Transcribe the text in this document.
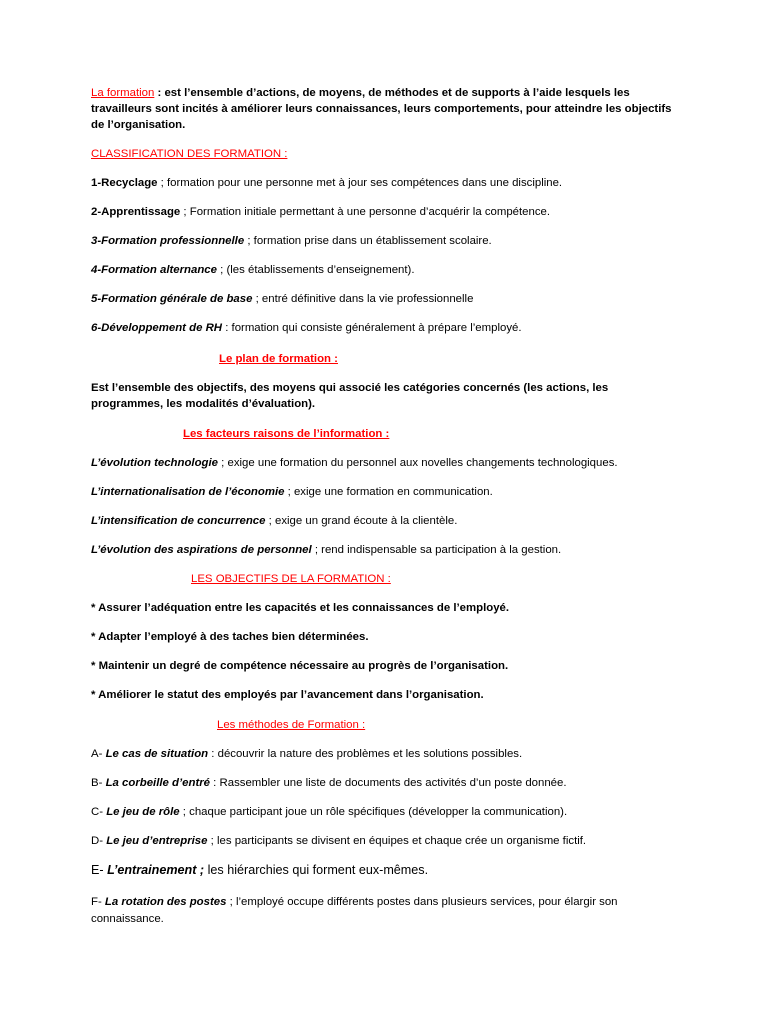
La formation : est l’ensemble d’actions, de moyens, de méthodes et de supports à l’aide lesquels les travailleurs sont incités à améliorer leurs connaissances, leurs comportements, pour atteindre les objectifs de l’organisation.

CLASSIFICATION DES FORMATION :

1-Recyclage ; formation pour une personne met à jour ses compétences dans une discipline.

2-Apprentissage ; Formation initiale permettant à une personne d’acquérir la compétence.

3-Formation professionnelle ; formation prise dans un établissement scolaire.

4-Formation alternance ; (les établissements d’enseignement).

5-Formation générale de base ; entré définitive dans la vie professionnelle

6-Développement de RH : formation qui consiste généralement à prépare l’employé.

Le plan de formation :

Est l’ensemble des objectifs, des moyens qui associé les catégories concernés (les actions, les programmes, les modalités d’évaluation).

Les facteurs raisons de l’information :

L’évolution technologie ; exige une formation du personnel aux novelles changements technologiques.

L’internationalisation de l’économie ; exige une formation en communication.

L’intensification de concurrence ; exige un grand écoute à la clientèle.

L’évolution des aspirations de personnel ; rend indispensable sa participation à la gestion.

LES OBJECTIFS DE LA FORMATION :

* Assurer l’adéquation entre les capacités et les connaissances de l’employé.

* Adapter l’employé à des taches bien déterminées.

* Maintenir un degré de compétence nécessaire au progrès de l’organisation.

* Améliorer le statut des employés par l’avancement dans l’organisation.

Les méthodes de Formation :

A- Le cas de situation : découvrir la nature des problèmes et les solutions possibles.

B- La corbeille d’entré : Rassembler une liste de documents des activités d’un poste donnée.

C- Le jeu de rôle ; chaque participant joue un rôle spécifiques (développer la communication).

D- Le jeu d’entreprise ; les participants se divisent en équipes et chaque crée un organisme fictif.

E- L’entrainement ; les hiérarchies qui forment eux-mêmes.

F- La rotation des postes ; l’employé occupe différents postes dans plusieurs services, pour élargir son connaissance.
